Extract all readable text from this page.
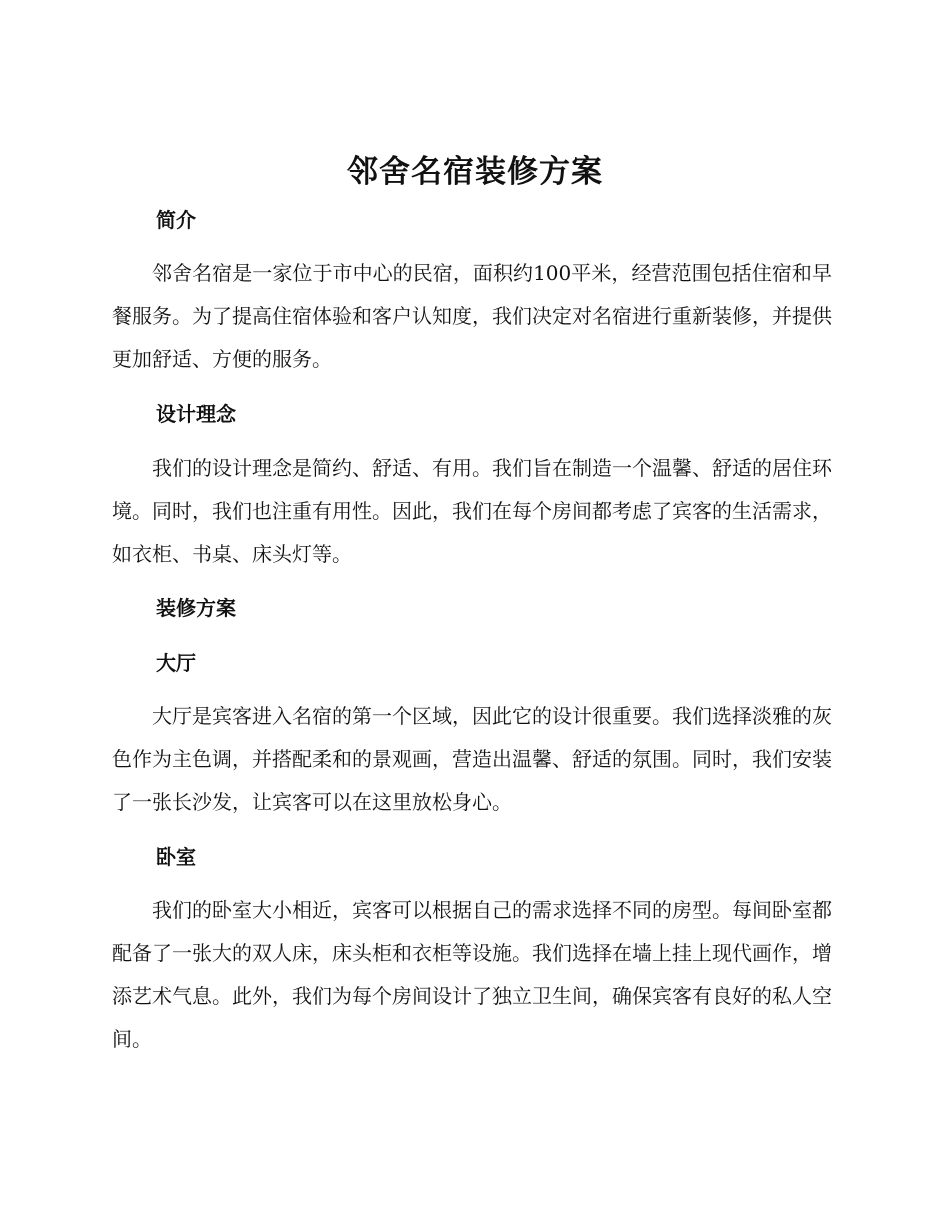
邻舍名宿装修方案
简介

邻舍名宿是一家位于市中心的民宿，面积约100平米，经营范围包括住宿和早餐服务。为了提高住宿体验和客户认知度，我们决定对名宿进行重新装修，并提供更加舒适、方便的服务。

设计理念

我们的设计理念是简约、舒适、有用。我们旨在制造一个温馨、舒适的居住环境。同时，我们也注重有用性。因此，我们在每个房间都考虑了宾客的生活需求，如衣柜、书桌、床头灯等。

装修方案
大厅

大厅是宾客进入名宿的第一个区域，因此它的设计很重要。我们选择淡雅的灰色作为主色调，并搭配柔和的景观画，营造出温馨、舒适的氛围。同时，我们安装了一张长沙发，让宾客可以在这里放松身心。

卧室

我们的卧室大小相近，宾客可以根据自己的需求选择不同的房型。每间卧室都配备了一张大的双人床，床头柜和衣柜等设施。我们选择在墙上挂上现代画作，增添艺术气息。此外，我们为每个房间设计了独立卫生间，确保宾客有良好的私人空间。
